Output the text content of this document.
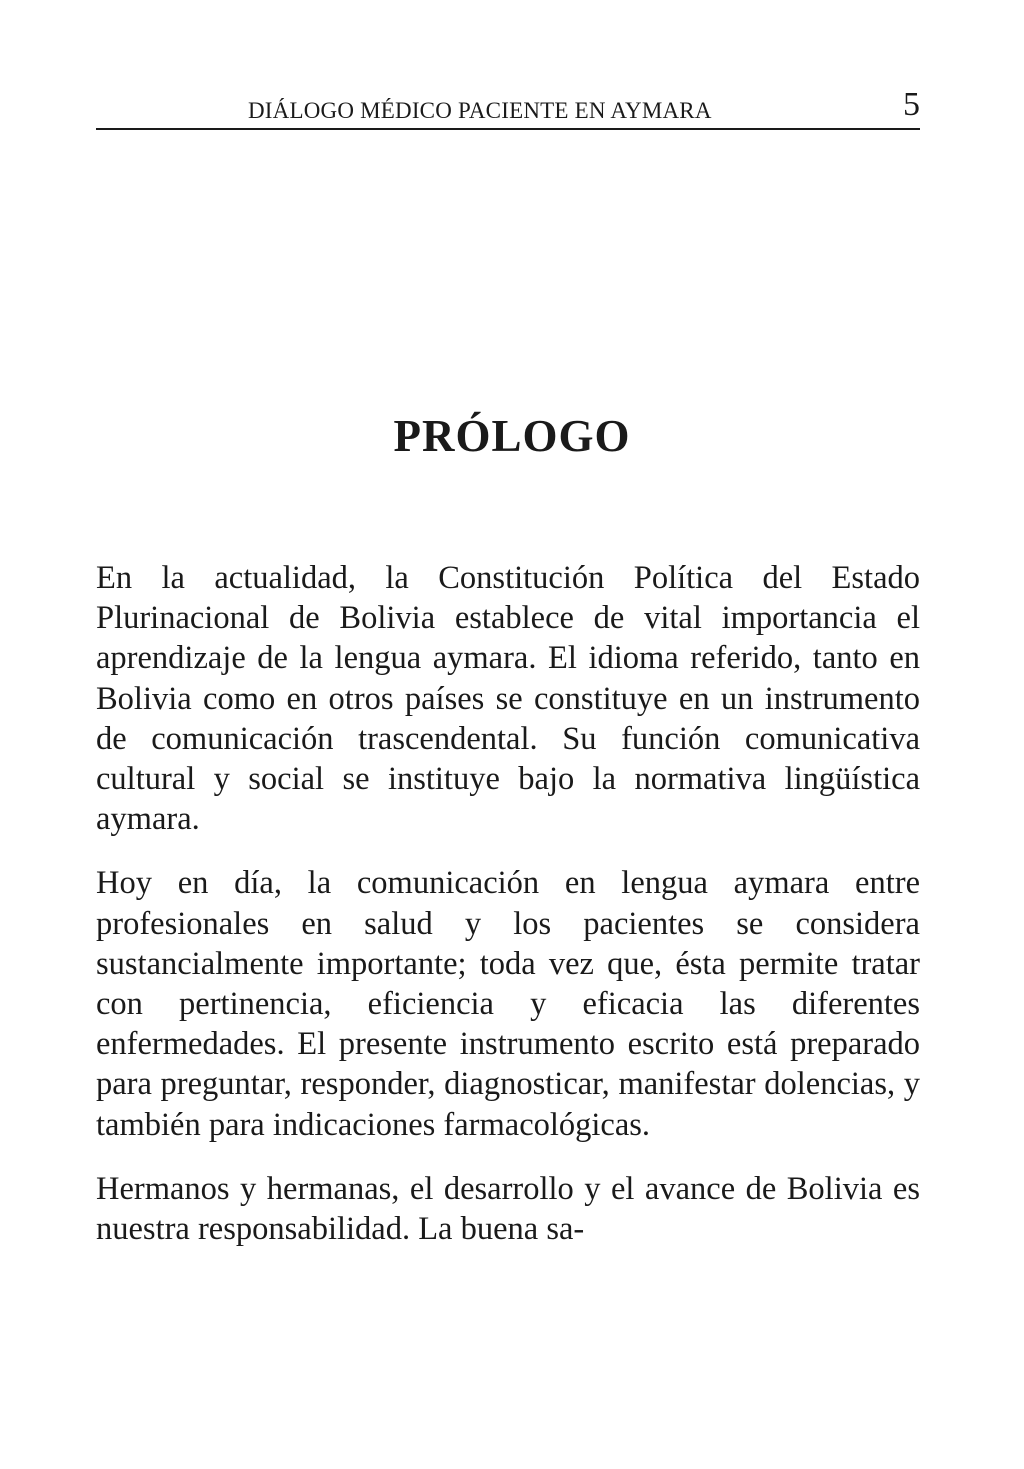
DIÁLOGO MÉDICO PACIENTE EN AYMARA	5
PRÓLOGO

En la actualidad, la Constitución Política del Estado Plurinacional de Bolivia establece de vital importancia el aprendizaje de la lengua aymara. El idioma referido, tanto en Bolivia como en otros países se constituye en un instrumento de comunicación trascendental. Su función comunicativa cultural y social se instituye bajo la normativa lingüística aymara.

Hoy en día, la comunicación en lengua aymara entre profesionales en salud y los pacientes se considera sustancialmente importante; toda vez que, ésta permite tratar con pertinencia, eficiencia y eficacia las diferentes enfermedades. El presente instrumento escrito está preparado para preguntar, responder, diagnosticar, manifestar dolencias, y también para indicaciones farmacológicas.

Hermanos y hermanas, el desarrollo y el avance de Bolivia es nuestra responsabilidad. La buena sa-
